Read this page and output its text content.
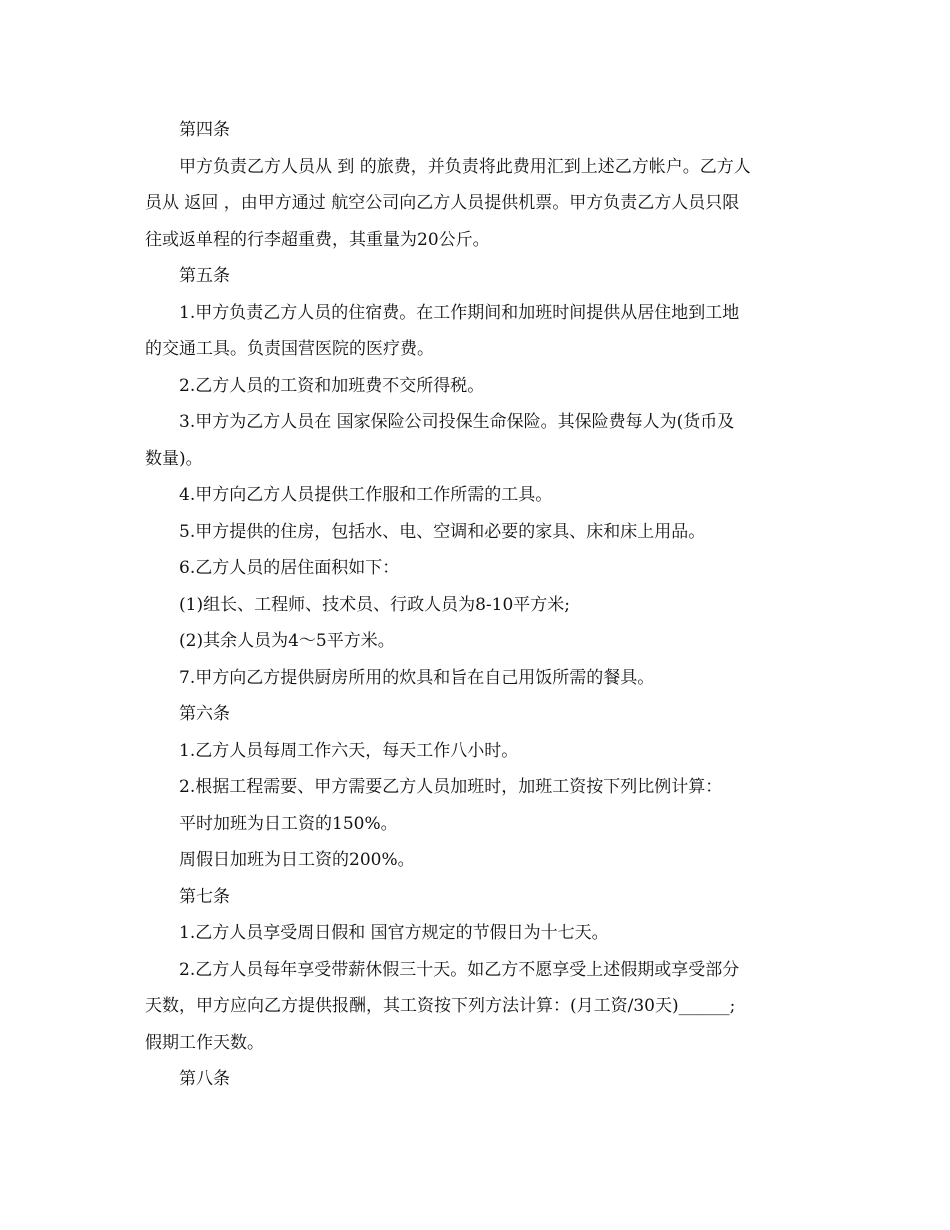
第四条

甲方负责乙方人员从 到 的旅费，并负责将此费用汇到上述乙方帐户。乙方人

员从 返回 ，由甲方通过 航空公司向乙方人员提供机票。甲方负责乙方人员只限

往或返单程的行李超重费，其重量为20公斤。

第五条

1.甲方负责乙方人员的住宿费。在工作期间和加班时间提供从居住地到工地

的交通工具。负责国营医院的医疗费。

2.乙方人员的工资和加班费不交所得税。

3.甲方为乙方人员在 国家保险公司投保生命保险。其保险费每人为(货币及

数量)。

4.甲方向乙方人员提供工作服和工作所需的工具。

5.甲方提供的住房，包括水、电、空调和必要的家具、床和床上用品。

6.乙方人员的居住面积如下：

(1)组长、工程师、技术员、行政人员为8-10平方米;

(2)其余人员为4～5平方米。

7.甲方向乙方提供厨房所用的炊具和旨在自己用饭所需的餐具。

第六条

1.乙方人员每周工作六天，每天工作八小时。

2.根据工程需要、甲方需要乙方人员加班时，加班工资按下列比例计算：

平时加班为日工资的150%。

周假日加班为日工资的200%。

第七条

1.乙方人员享受周日假和 国官方规定的节假日为十七天。

2.乙方人员每年享受带薪休假三十天。如乙方不愿享受上述假期或享受部分

天数，甲方应向乙方提供报酬，其工资按下列方法计算：(月工资/30天)______;

假期工作天数。

第八条
